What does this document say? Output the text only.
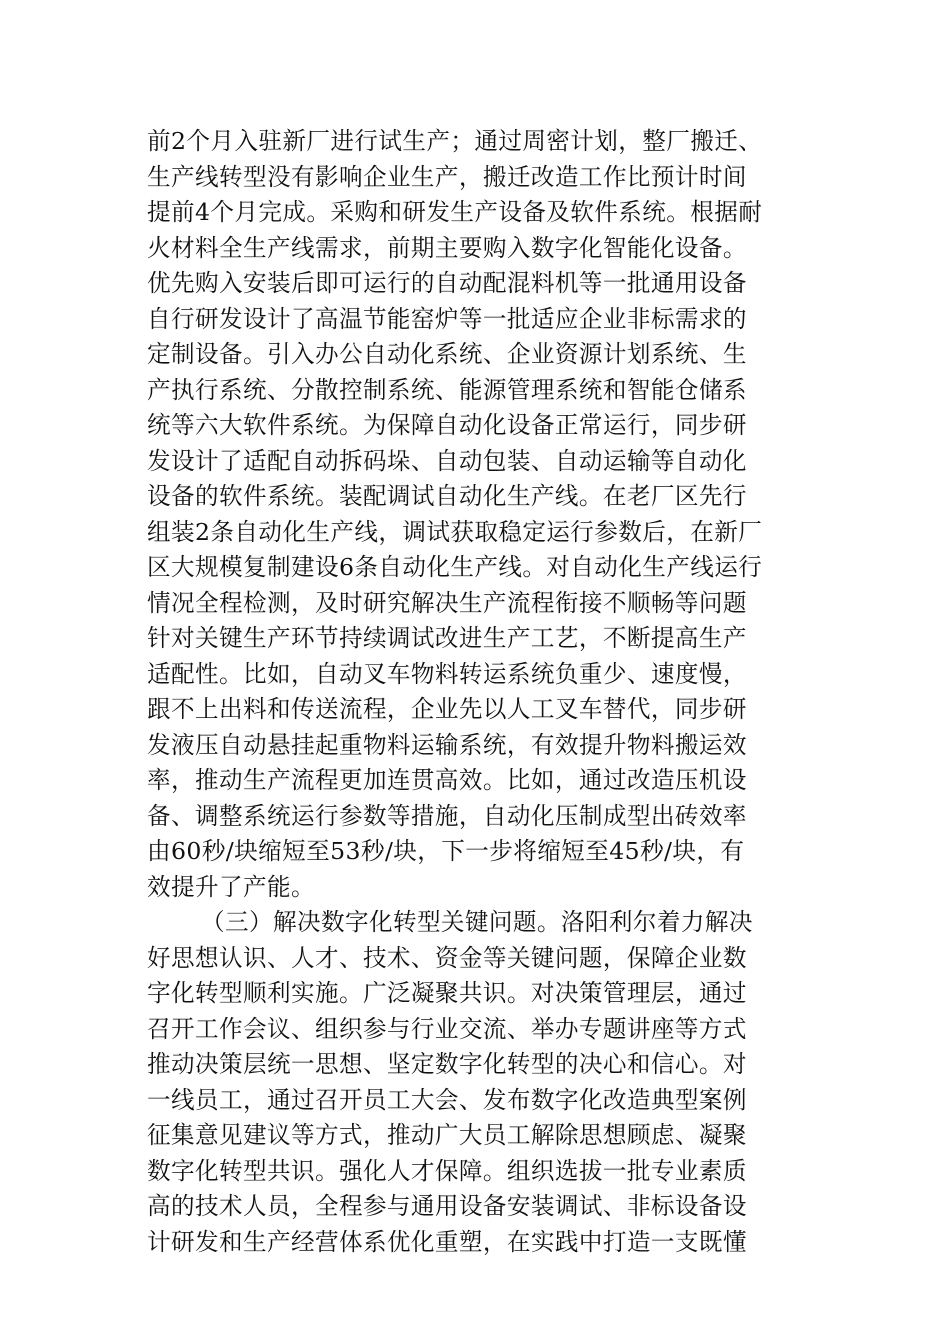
前2个月入驻新厂进行试生产；通过周密计划，整厂搬迁、
生产线转型没有影响企业生产，搬迁改造工作比预计时间
提前4个月完成。采购和研发生产设备及软件系统。根据耐
火材料全生产线需求，前期主要购入数字化智能化设备。
优先购入安装后即可运行的自动配混料机等一批通用设备
自行研发设计了高温节能窑炉等一批适应企业非标需求的
定制设备。引入办公自动化系统、企业资源计划系统、生
产执行系统、分散控制系统、能源管理系统和智能仓储系
统等六大软件系统。为保障自动化设备正常运行，同步研
发设计了适配自动拆码垛、自动包装、自动运输等自动化
设备的软件系统。装配调试自动化生产线。在老厂区先行
组装2条自动化生产线，调试获取稳定运行参数后，在新厂
区大规模复制建设6条自动化生产线。对自动化生产线运行
情况全程检测，及时研究解决生产流程衔接不顺畅等问题
针对关键生产环节持续调试改进生产工艺，不断提高生产
适配性。比如，自动叉车物料转运系统负重少、速度慢，
跟不上出料和传送流程，企业先以人工叉车替代，同步研
发液压自动悬挂起重物料运输系统，有效提升物料搬运效
率，推动生产流程更加连贯高效。比如，通过改造压机设
备、调整系统运行参数等措施，自动化压制成型出砖效率
由60秒/块缩短至53秒/块，下一步将缩短至45秒/块，有
效提升了产能。
（三）解决数字化转型关键问题。洛阳利尔着力解决
好思想认识、人才、技术、资金等关键问题，保障企业数
字化转型顺利实施。广泛凝聚共识。对决策管理层，通过
召开工作会议、组织参与行业交流、举办专题讲座等方式
推动决策层统一思想、坚定数字化转型的决心和信心。对
一线员工，通过召开员工大会、发布数字化改造典型案例
征集意见建议等方式，推动广大员工解除思想顾虑、凝聚
数字化转型共识。强化人才保障。组织选拔一批专业素质
高的技术人员，全程参与通用设备安装调试、非标设备设
计研发和生产经营体系优化重塑，在实践中打造一支既懂
